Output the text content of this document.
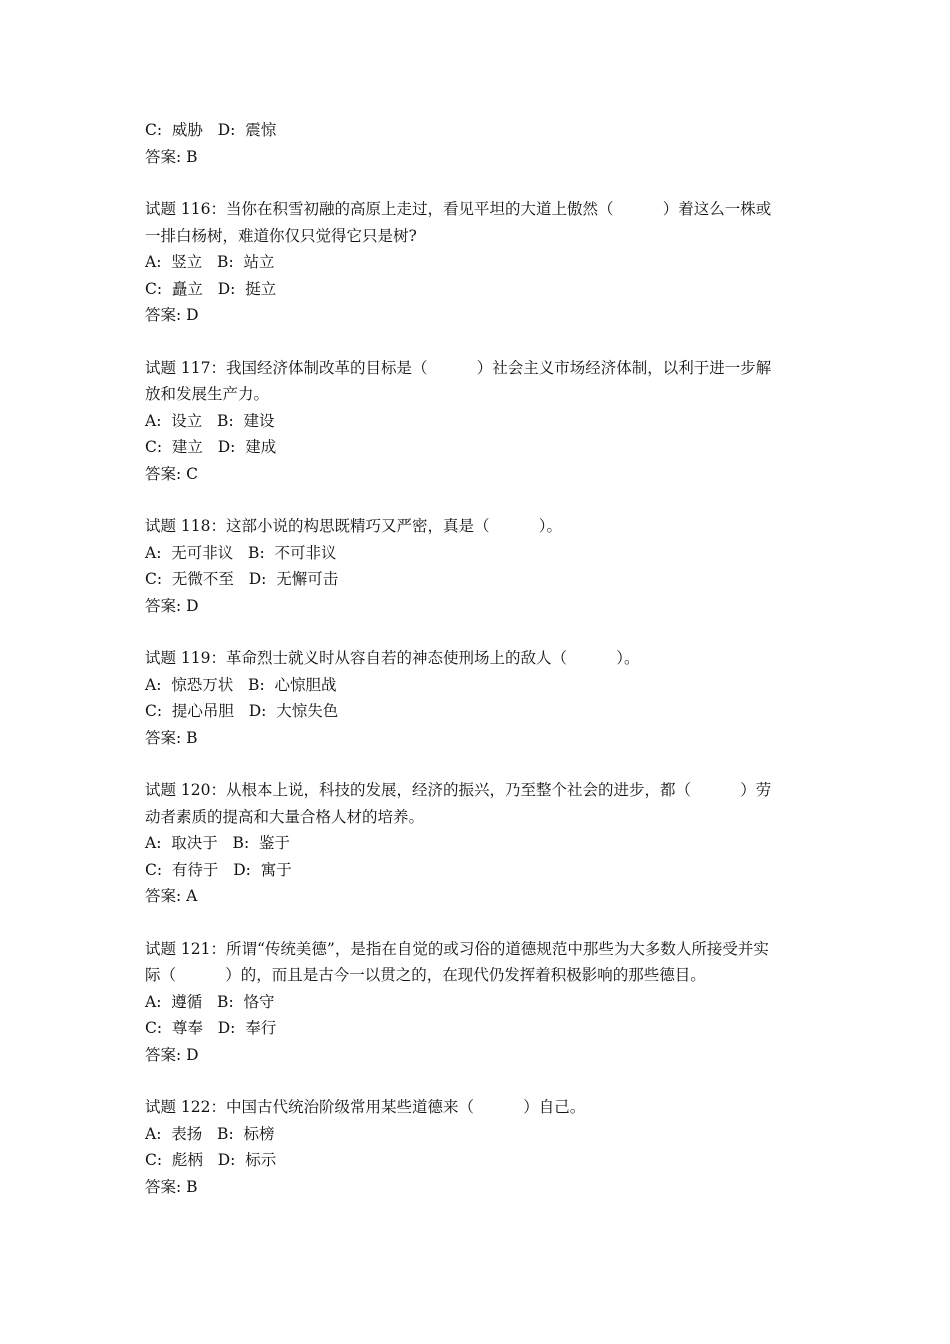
C:  威胁   D:  震惊
答案: B
试题 116：当你在积雪初融的高原上走过，看见平坦的大道上傲然（          ）着这么一株或
一排白杨树，难道你仅只觉得它只是树?
A:  竖立   B:  站立
C:  矗立   D:  挺立
答案: D
试题 117：我国经济体制改革的目标是（          ）社会主义市场经济体制，以利于进一步解
放和发展生产力。
A:  设立   B:  建设
C:  建立   D:  建成
答案: C
试题 118：这部小说的构思既精巧又严密，真是（          ）。
A:  无可非议   B:  不可非议
C:  无微不至   D:  无懈可击
答案: D
试题 119：革命烈士就义时从容自若的神态使刑场上的敌人（          ）。
A:  惊恐万状   B:  心惊胆战
C:  提心吊胆   D:  大惊失色
答案: B
试题 120：从根本上说，科技的发展，经济的振兴，乃至整个社会的进步，都（          ）劳
动者素质的提高和大量合格人材的培养。
A:  取决于   B:  鉴于
C:  有待于   D:  寓于
答案: A
试题 121：所谓“传统美德”，是指在自觉的或习俗的道德规范中那些为大多数人所接受并实
际（          ）的，而且是古今一以贯之的，在现代仍发挥着积极影响的那些德目。
A:  遵循   B:  恪守
C:  尊奉   D:  奉行
答案: D
试题 122：中国古代统治阶级常用某些道德来（          ）自己。
A:  表扬   B:  标榜
C:  彪柄   D:  标示
答案: B
